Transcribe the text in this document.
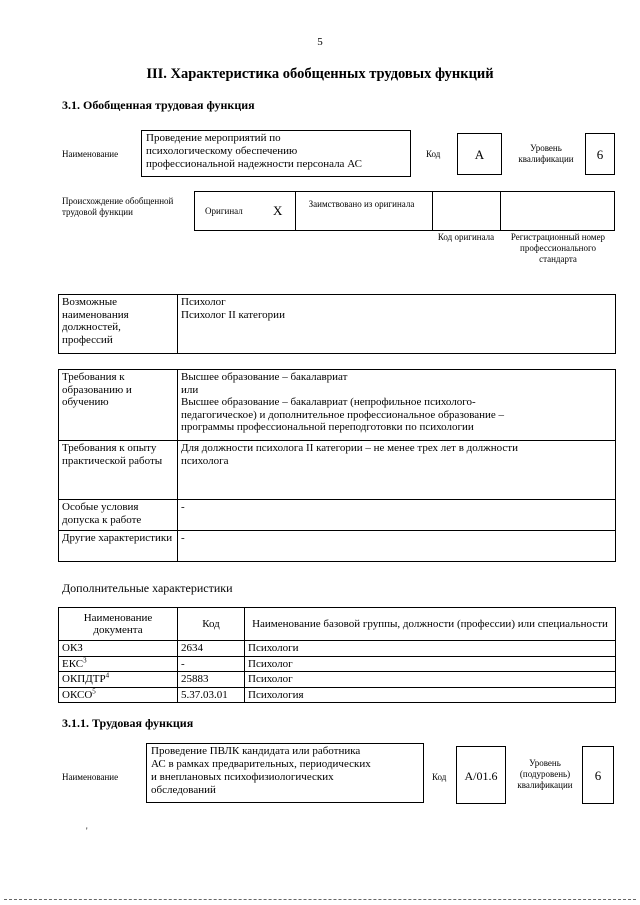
5
III. Характеристика обобщенных трудовых функций
3.1. Обобщенная трудовая функция
Наименование
Проведение мероприятий по
психологическому обеспечению
профессиональной надежности персонала АС
Код	A	Уровень квалификации	6
Происхождение обобщенной трудовой функции	Оригинал X	Заимствовано из оригинала
Код оригинала	Регистрационный номер профессионального стандарта
Возможные наименования должностей, профессий	
Психолог
Психолог II категории
Требования к образованию и обучению	Высшее образование – бакалавриат
или
Высшее образование – бакалавриат (непрофильное психолого-
педагогическое) и дополнительное профессиональное образование –
программы профессиональной переподготовки по психологии

Требования к опыту практической работы	Для должности психолога II категории – не менее трех лет в должности
психолога

Особые условия допуска к работе	-
Другие характеристики	-
Дополнительные характеристики
Наименование документа	Код	Наименование базовой группы, должности (профессии) или специальности
ОКЗ	2634	Психологи
ЕКС$^3$	-	Психолог
ОКПДТР$^4$	25883	Психолог
ОКСО$^5$	5.37.03.01	Психология
3.1.1. Трудовая функция
Наименование
Проведение ПВЛК кандидата или работника
АС в рамках предварительных, периодических
и внеплановых психофизиологических
обследований
Код	A/01.6
Уровень (подуровень) квалификации
6
'
